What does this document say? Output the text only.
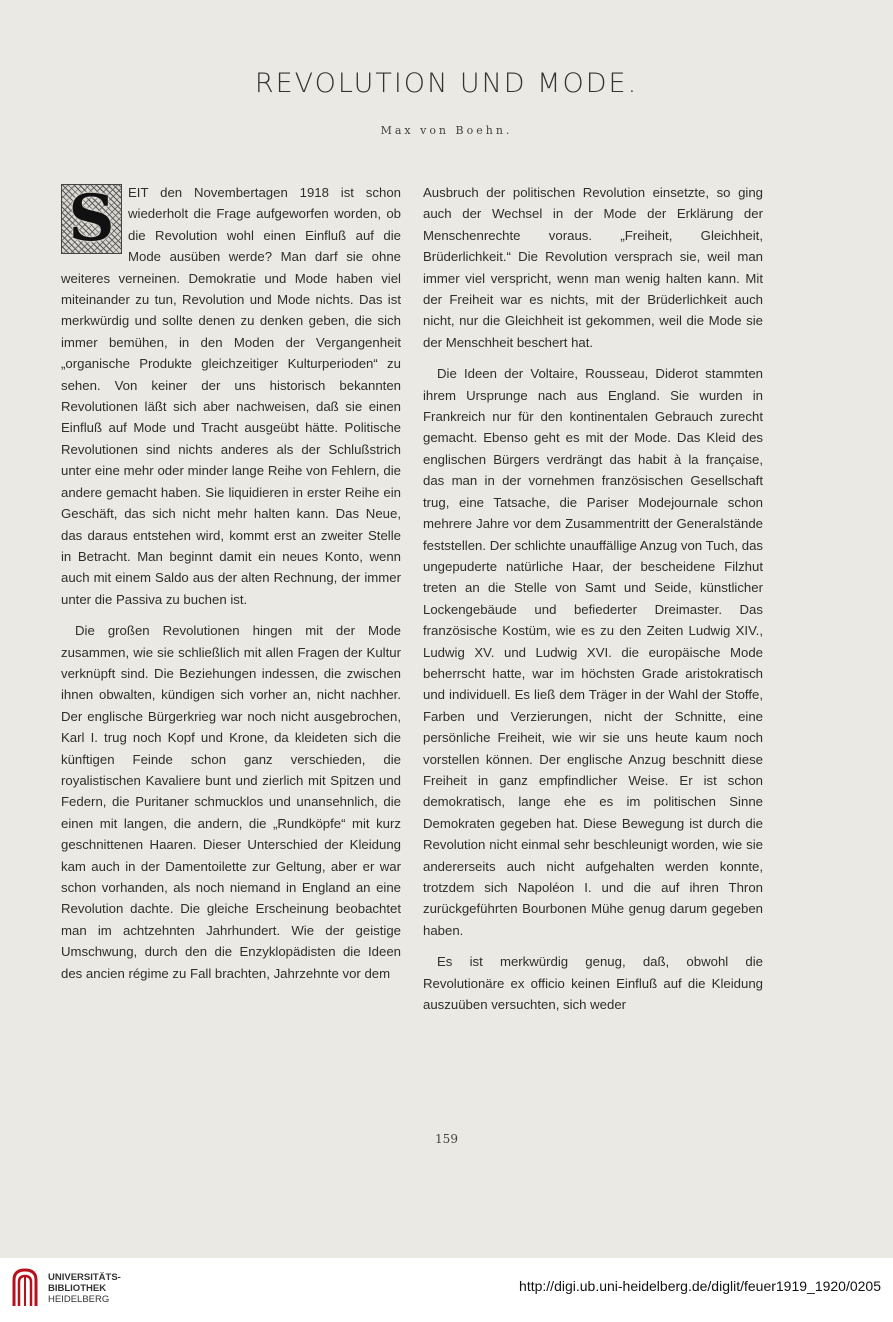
REVOLUTION UND MODE.
Max von Boehn.

S EIT den Novembertagen 1918 ist schon wiederholt die Frage aufgeworfen worden, ob die Revolution wohl einen Einfluß auf die Mode ausüben werde? Man darf sie ohne weiteres verneinen. Demokratie und Mode haben viel miteinander zu tun, Revolution und Mode nichts. Das ist merkwürdig und sollte denen zu denken geben, die sich immer bemühen, in den Moden der Vergangenheit „organische Produkte gleichzeitiger Kulturperioden“ zu sehen. Von keiner der uns historisch bekannten Revolutionen läßt sich aber nachweisen, daß sie einen Einfluß auf Mode und Tracht ausgeübt hätte. Politische Revolutionen sind nichts anderes als der Schlußstrich unter eine mehr oder minder lange Reihe von Fehlern, die andere gemacht haben. Sie liquidieren in erster Reihe ein Geschäft, das sich nicht mehr halten kann. Das Neue, das daraus entstehen wird, kommt erst an zweiter Stelle in Betracht. Man beginnt damit ein neues Konto, wenn auch mit einem Saldo aus der alten Rechnung, der immer unter die Passiva zu buchen ist.

Die großen Revolutionen hingen mit der Mode zusammen, wie sie schließlich mit allen Fragen der Kultur verknüpft sind. Die Beziehungen indessen, die zwischen ihnen obwalten, kündigen sich vorher an, nicht nachher. Der englische Bürgerkrieg war noch nicht ausgebrochen, Karl I. trug noch Kopf und Krone, da kleideten sich die künftigen Feinde schon ganz verschieden, die royalistischen Kavaliere bunt und zierlich mit Spitzen und Federn, die Puritaner schmucklos und unansehnlich, die einen mit langen, die andern, die „Rundköpfe“ mit kurz geschnittenen Haaren. Dieser Unterschied der Kleidung kam auch in der Damentoilette zur Geltung, aber er war schon vorhanden, als noch niemand in England an eine Revolution dachte. Die gleiche Erscheinung beobachtet man im achtzehnten Jahrhundert. Wie der geistige Umschwung, durch den die Enzyklopädisten die Ideen des ancien régime zu Fall brachten, Jahrzehnte vor dem

Ausbruch der politischen Revolution einsetzte, so ging auch der Wechsel in der Mode der Erklärung der Menschenrechte voraus. „Freiheit, Gleichheit, Brüderlichkeit.“ Die Revolution versprach sie, weil man immer viel verspricht, wenn man wenig halten kann. Mit der Freiheit war es nichts, mit der Brüderlichkeit auch nicht, nur die Gleichheit ist gekommen, weil die Mode sie der Menschheit beschert hat.

Die Ideen der Voltaire, Rousseau, Diderot stammten ihrem Ursprunge nach aus England. Sie wurden in Frankreich nur für den kontinentalen Gebrauch zurecht gemacht. Ebenso geht es mit der Mode. Das Kleid des englischen Bürgers verdrängt das habit à la française, das man in der vornehmen französischen Gesellschaft trug, eine Tatsache, die Pariser Modejournale schon mehrere Jahre vor dem Zusammentritt der Generalstände feststellen. Der schlichte unauffällige Anzug von Tuch, das ungepuderte natürliche Haar, der bescheidene Filzhut treten an die Stelle von Samt und Seide, künstlicher Lockengebäude und befiederter Dreimaster. Das französische Kostüm, wie es zu den Zeiten Ludwig XIV., Ludwig XV. und Ludwig XVI. die europäische Mode beherrscht hatte, war im höchsten Grade aristokratisch und individuell. Es ließ dem Träger in der Wahl der Stoffe, Farben und Verzierungen, nicht der Schnitte, eine persönliche Freiheit, wie wir sie uns heute kaum noch vorstellen können. Der englische Anzug beschnitt diese Freiheit in ganz empfindlicher Weise. Er ist schon demokratisch, lange ehe es im politischen Sinne Demokraten gegeben hat. Diese Bewegung ist durch die Revolution nicht einmal sehr beschleunigt worden, wie sie andererseits auch nicht aufgehalten werden konnte, trotzdem sich Napoléon I. und die auf ihren Thron zurückgeführten Bourbonen Mühe genug darum gegeben haben.

Es ist merkwürdig genug, daß, obwohl die Revolutionäre ex officio keinen Einfluß auf die Kleidung auszuüben versuchten, sich weder

159
UNIVERSITÄTS-
BIBLIOTHEK
HEIDELBERG
http://digi.ub.uni-heidelberg.de/diglit/feuer1919_1920/0205
